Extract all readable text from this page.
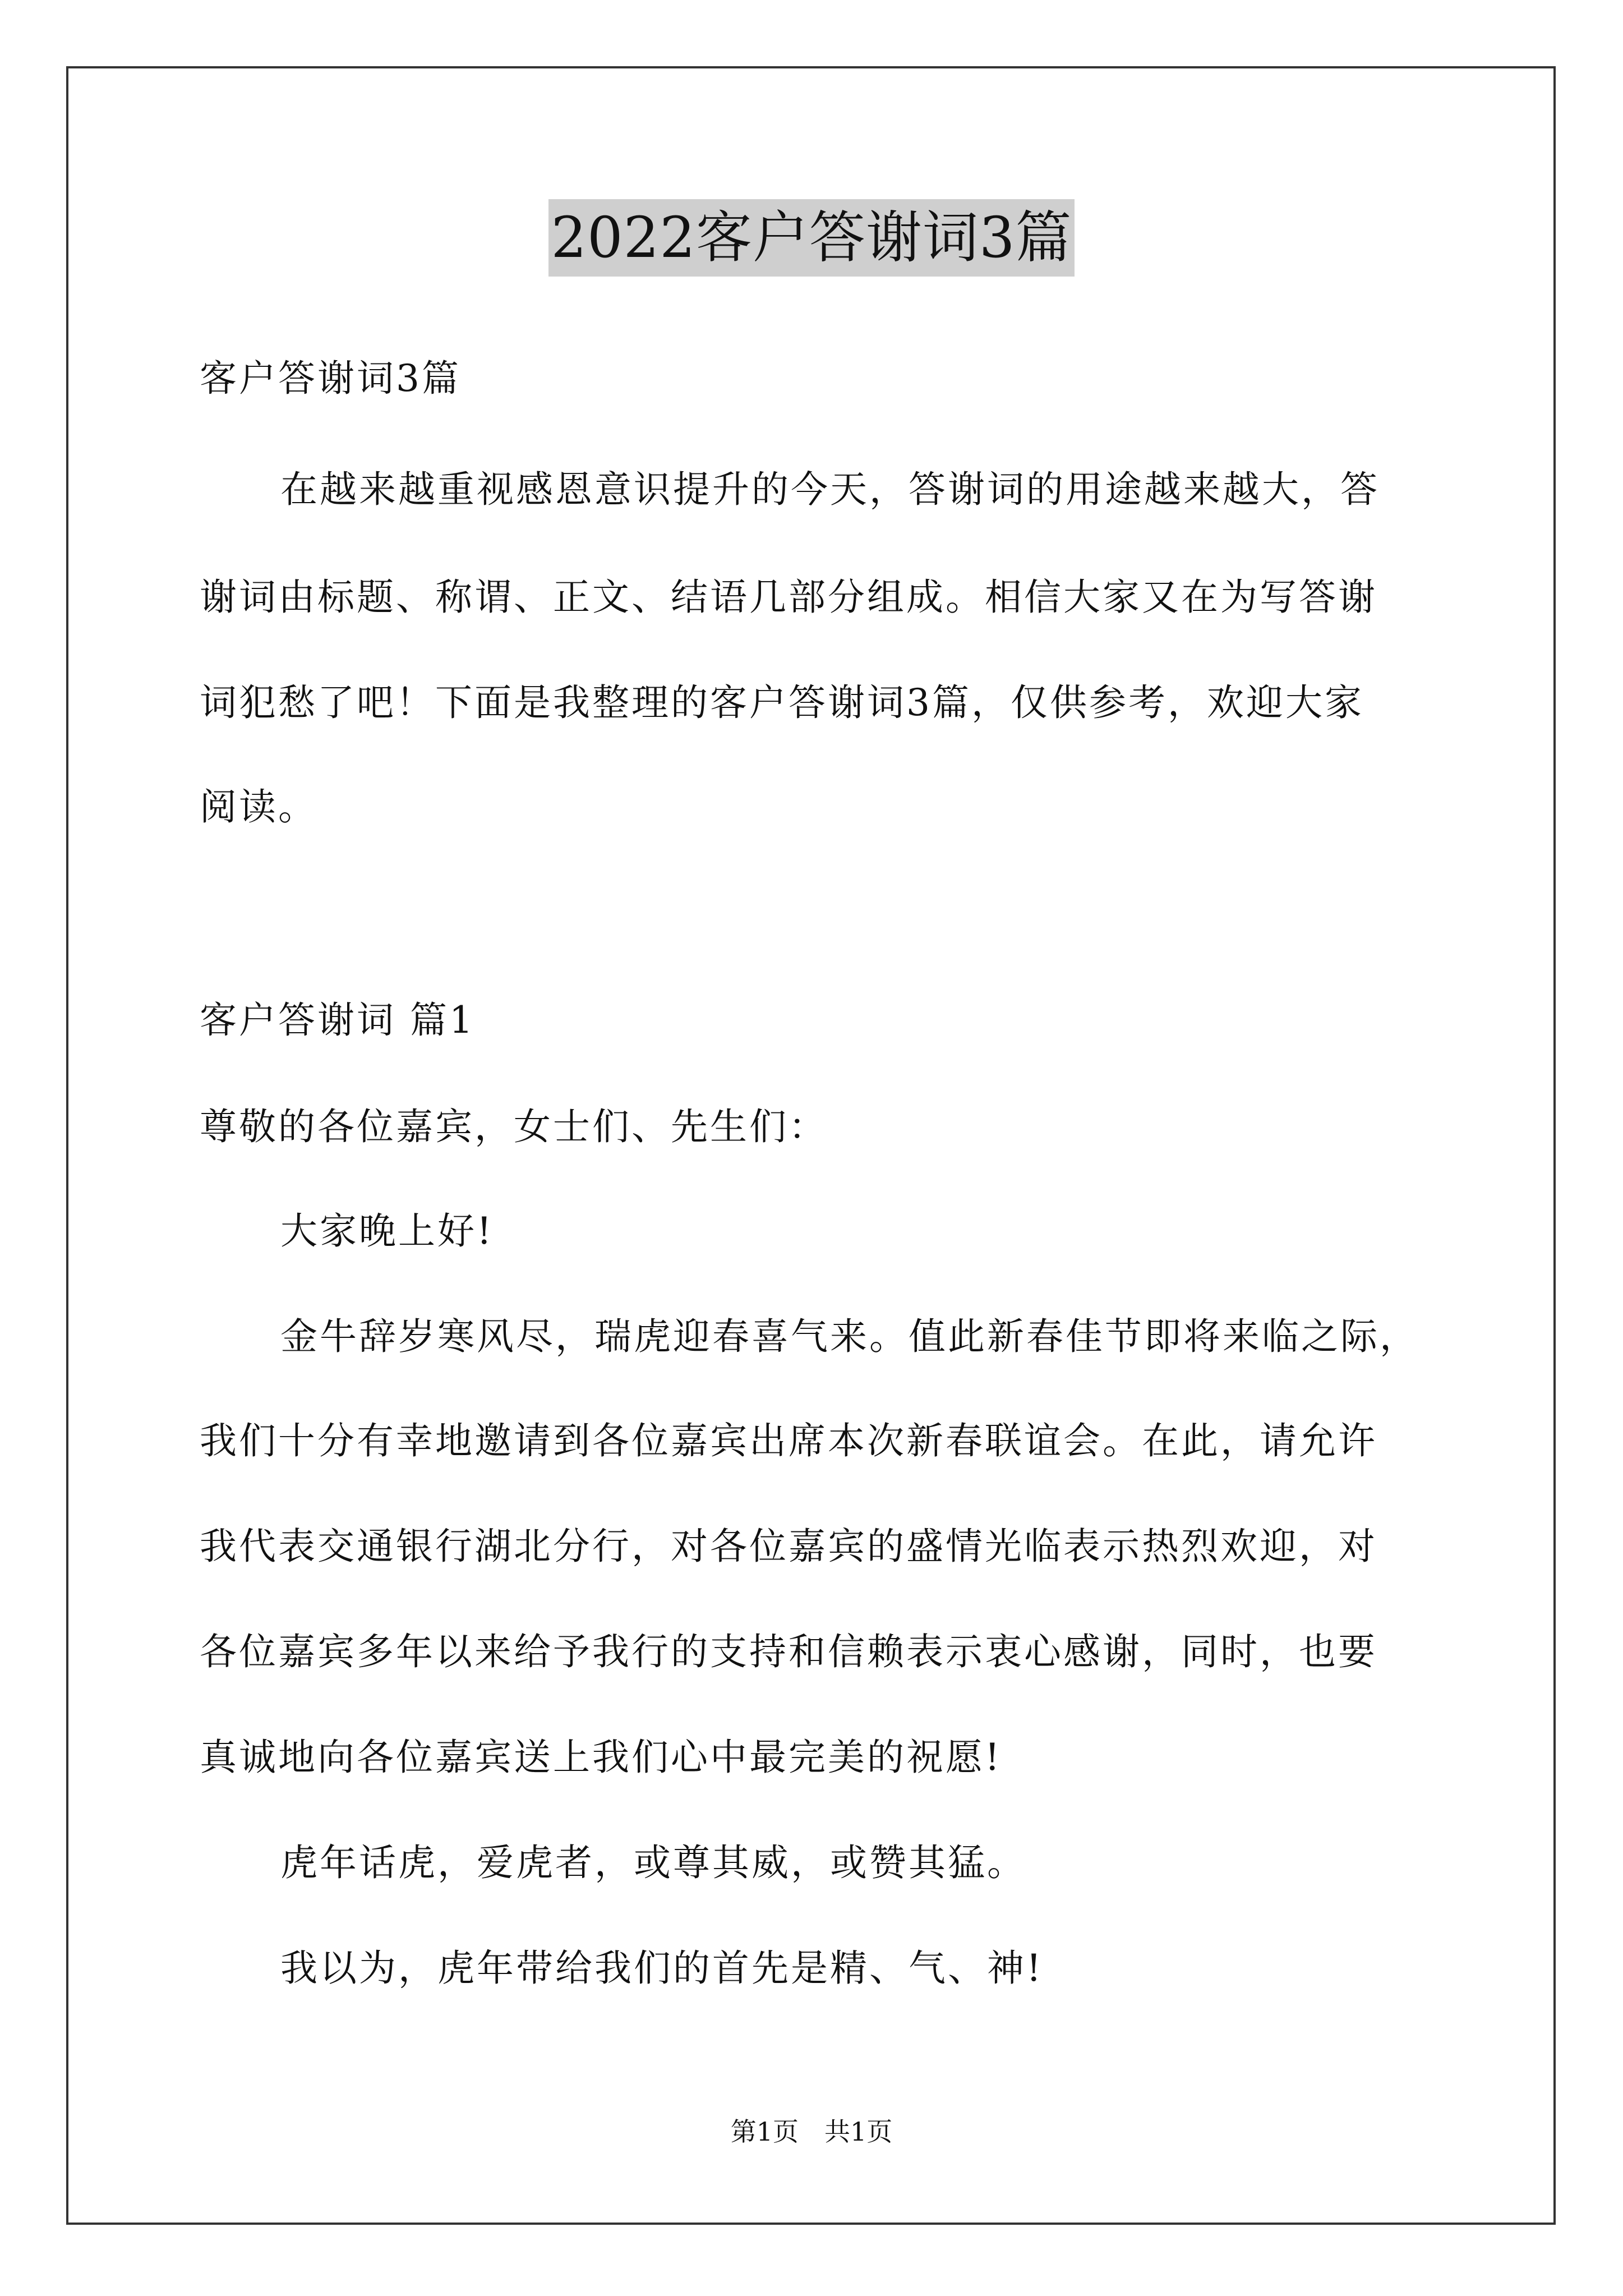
2022客户答谢词3篇
客户答谢词3篇
在越来越重视感恩意识提升的今天，答谢词的用途越来越大，答
谢词由标题、称谓、正文、结语几部分组成。相信大家又在为写答谢
词犯愁了吧！下面是我整理的客户答谢词3篇，仅供参考，欢迎大家
阅读。
客户答谢词 篇1
尊敬的各位嘉宾，女士们、先生们：
大家晚上好!
金牛辞岁寒风尽，瑞虎迎春喜气来。值此新春佳节即将来临之际，
我们十分有幸地邀请到各位嘉宾出席本次新春联谊会。在此，请允许
我代表交通银行湖北分行，对各位嘉宾的盛情光临表示热烈欢迎，对
各位嘉宾多年以来给予我行的支持和信赖表示衷心感谢，同时，也要
真诚地向各位嘉宾送上我们心中最完美的祝愿!
虎年话虎，爱虎者，或尊其威，或赞其猛。
我以为，虎年带给我们的首先是精、气、神!
第1页　共1页
